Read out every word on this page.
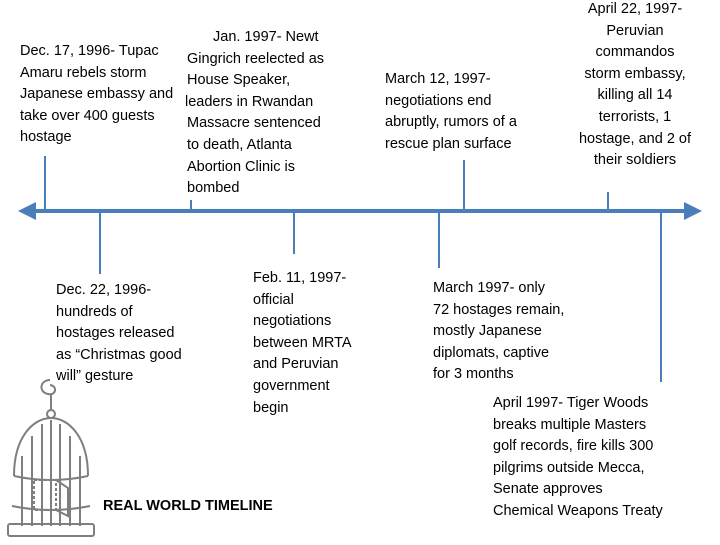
Dec. 17, 1996- Tupac
Amaru rebels storm
Japanese embassy and
take over 400 guests
hostage
Jan. 1997- Newt
Gingrich reelected as
House Speaker,
leaders in Rwandan
Massacre sentenced
to death, Atlanta
Abortion Clinic is
bombed
Dec. 22, 1996-
hundreds of
hostages released
as “Christmas good
will” gesture
Feb. 11, 1997-
official
negotiations
between MRTA
and Peruvian
government
begin
March 12, 1997-
negotiations end
abruptly, rumors of a
rescue plan surface
March 1997- only
72 hostages remain,
mostly Japanese
diplomats, captive
for 3 months
April 22, 1997-
Peruvian
commandos
storm embassy,
killing all 14
terrorists, 1
hostage, and 2 of
their soldiers
April 1997- Tiger Woods
breaks multiple Masters
golf records, fire kills 300
pilgrims outside Mecca,
Senate approves
Chemical Weapons Treaty
REAL WORLD TIMELINE
